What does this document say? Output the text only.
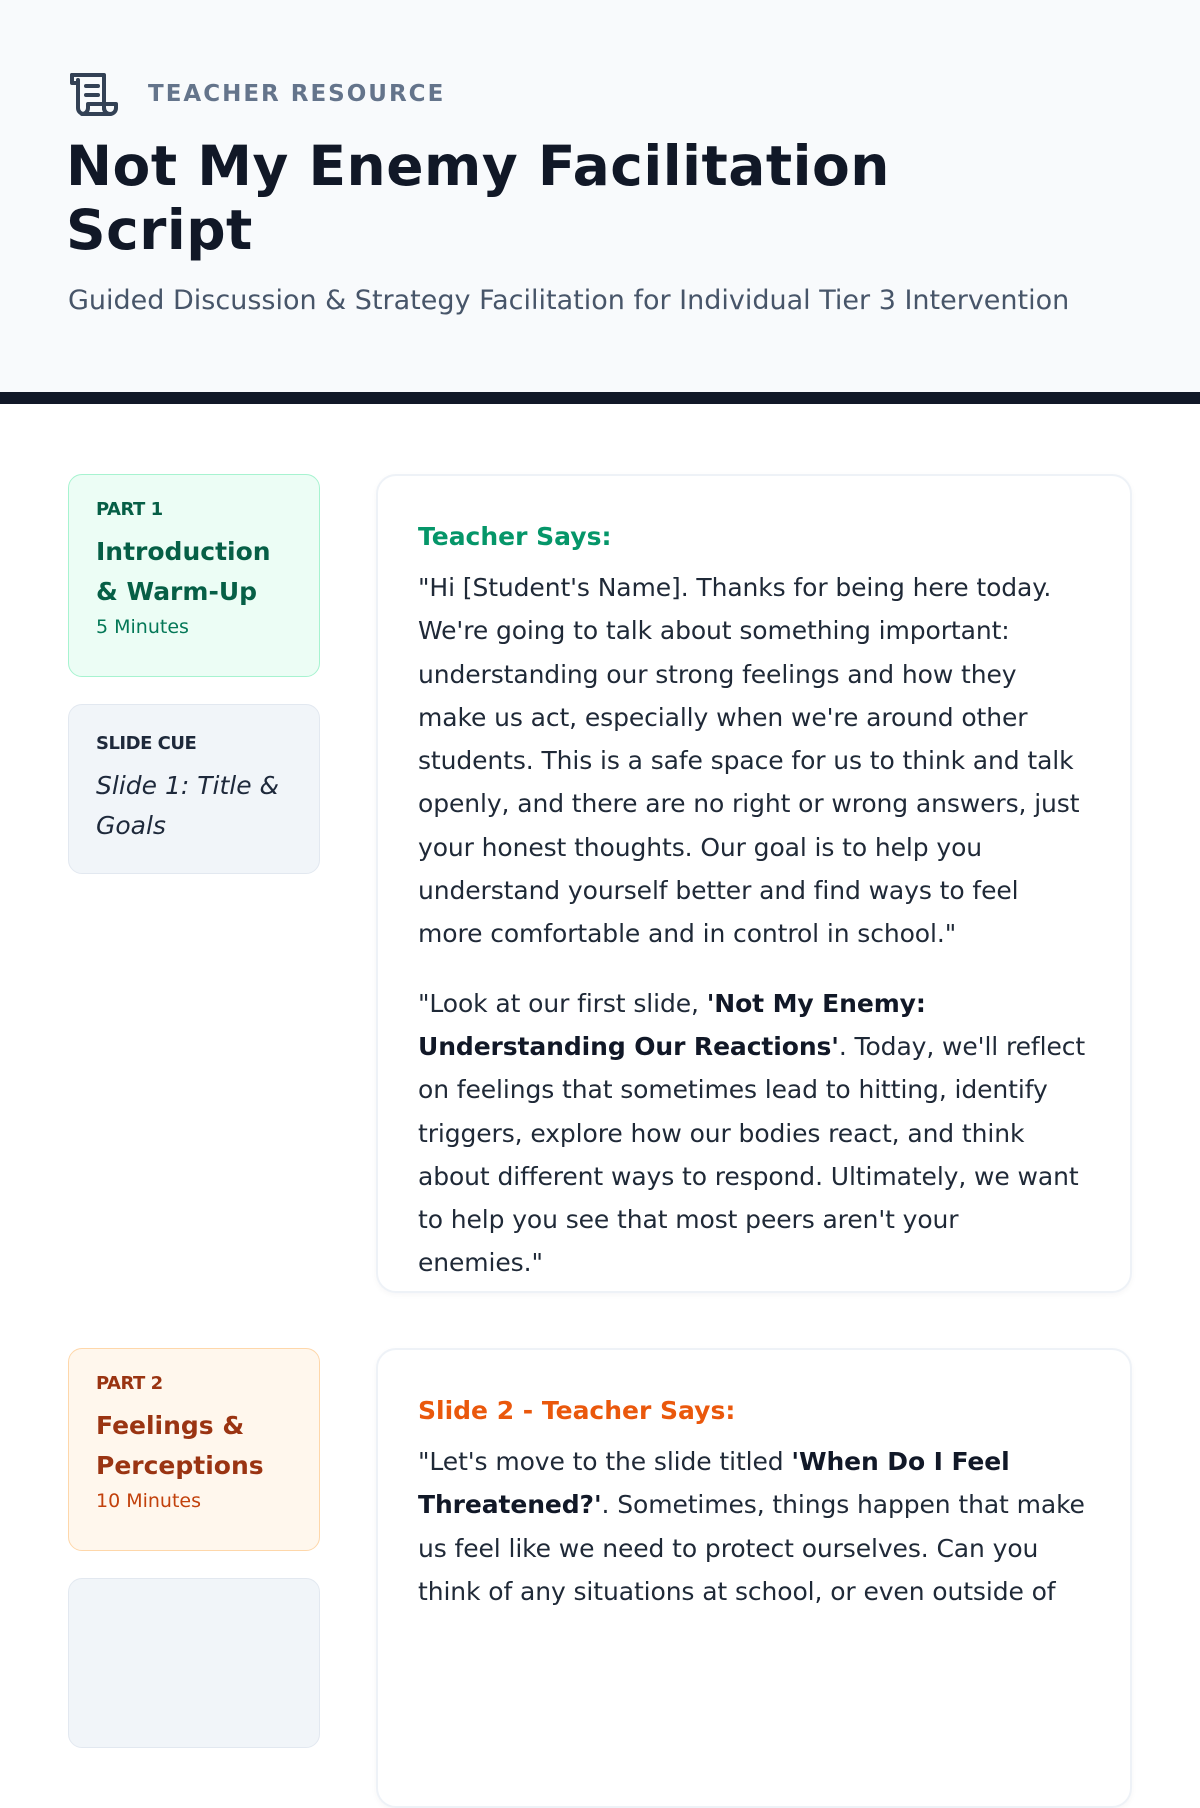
TEACHER RESOURCE
Not My Enemy Facilitation Script
Guided Discussion & Strategy Facilitation for Individual Tier 3 Intervention
PART 1
Introduction & Warm-Up
5 Minutes
SLIDE CUE
Slide 1: Title & Goals
Teacher Says:

"Hi [Student's Name]. Thanks for being here today. We're going to talk about something important: understanding our strong feelings and how they make us act, especially when we're around other students. This is a safe space for us to think and talk openly, and there are no right or wrong answers, just your honest thoughts. Our goal is to help you understand yourself better and find ways to feel more comfortable and in control in school."

"Look at our first slide, 'Not My Enemy: Understanding Our Reactions'. Today, we'll reflect on feelings that sometimes lead to hitting, identify triggers, explore how our bodies react, and think about different ways to respond. Ultimately, we want to help you see that most peers aren't your enemies."

PART 2
Feelings & Perceptions
10 Minutes
Slide 2 - Teacher Says:

"Let's move to the slide titled 'When Do I Feel Threatened?'. Sometimes, things happen that make us feel like we need to protect ourselves. Can you think of any situations at school, or even outside of
